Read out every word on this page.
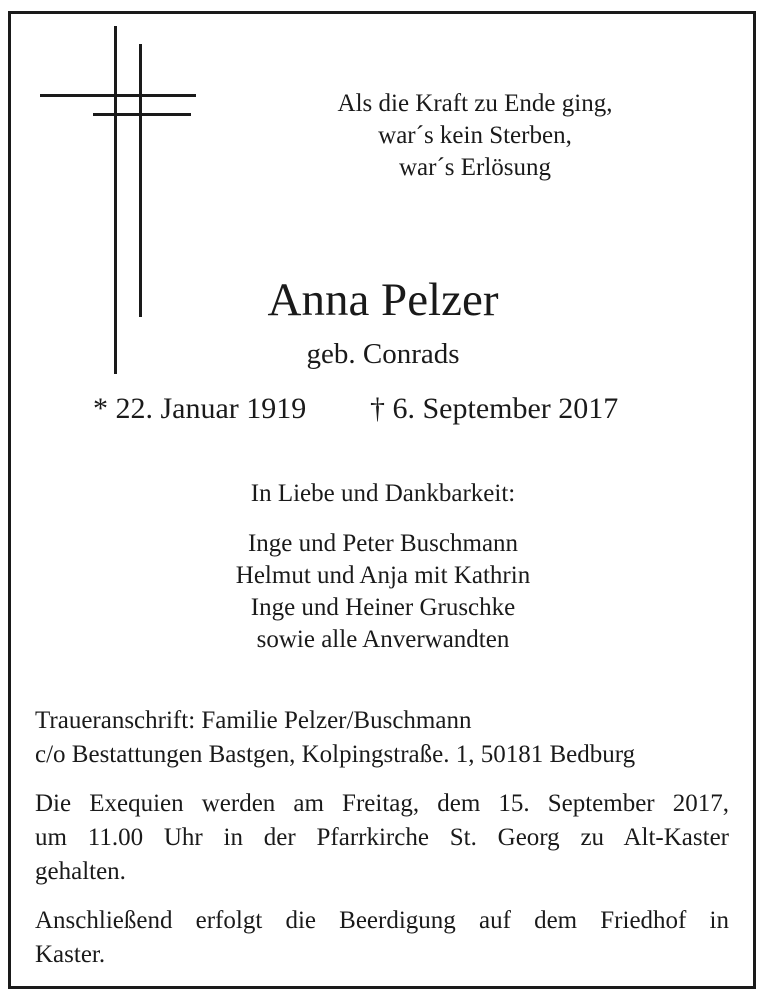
Als die Kraft zu Ende ging,
war´s kein Sterben,
war´s Erlösung
Anna Pelzer
geb. Conrads
* 22. Januar 1919 † 6. September 2017
In Liebe und Dankbarkeit:
Inge und Peter Buschmann
Helmut und Anja mit Kathrin
Inge und Heiner Gruschke
sowie alle Anverwandten
Traueranschrift: Familie Pelzer/Buschmann
c/o Bestattungen Bastgen, Kolpingstraße. 1, 50181 Bedburg
Die Exequien werden am Freitag, dem 15. September 2017,
um 11.00 Uhr in der Pfarrkirche St. Georg zu Alt-Kaster
gehalten.
Anschließend erfolgt die Beerdigung auf dem Friedhof in
Kaster.
